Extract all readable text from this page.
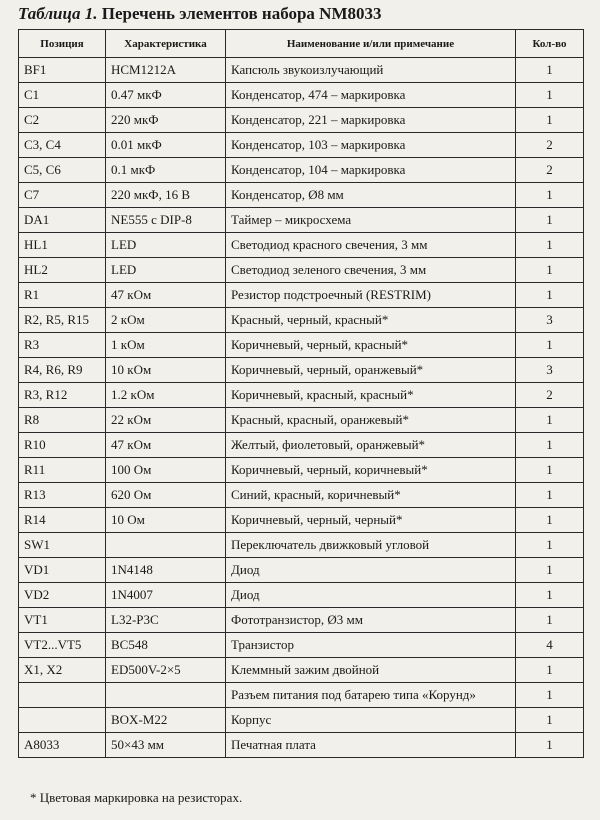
Таблица 1. Перечень элементов набора NM8033
Позиция	Характеристика	Наименование и/или примечание	Кол-во
BF1	HCM1212A	Капсюль звукоизлучающий	1
C1	0.47 мкФ	Конденсатор, 474 – маркировка	1
C2	220 мкФ	Конденсатор, 221 – маркировка	1
C3, C4	0.01 мкФ	Конденсатор, 103 – маркировка	2
C5, C6	0.1 мкФ	Конденсатор, 104 – маркировка	2
C7	220 мкФ, 16 В	Конденсатор, Ø8 мм	1
DA1	NE555 с DIP-8	Таймер – микросхема	1
HL1	LED	Светодиод красного свечения, 3 мм	1
HL2	LED	Светодиод зеленого свечения, 3 мм	1
R1	47 кОм	Резистор подстроечный (RESTRIM)	1
R2, R5, R15	2 кОм	Красный, черный, красный*	3
R3	1 кОм	Коричневый, черный, красный*	1
R4, R6, R9	10 кОм	Коричневый, черный, оранжевый*	3
R3, R12	1.2 кОм	Коричневый, красный, красный*	2
R8	22 кОм	Красный, красный, оранжевый*	1
R10	47 кОм	Желтый, фиолетовый, оранжевый*	1
R11	100 Ом	Коричневый, черный, коричневый*	1
R13	620 Ом	Синий, красный, коричневый*	1
R14	10 Ом	Коричневый, черный, черный*	1
SW1		Переключатель движковый угловой	1
VD1	1N4148	Диод	1
VD2	1N4007	Диод	1
VT1	L32-P3C	Фототранзистор, Ø3 мм	1
VT2...VT5	BC548	Транзистор	4
X1, X2	ED500V-2×5	Клеммный зажим двойной	1
		Разъем питания под батарею типа «Корунд»	1
	BOX-M22	Корпус	1
A8033	50×43 мм	Печатная плата	1
* Цветовая маркировка на резисторах.
